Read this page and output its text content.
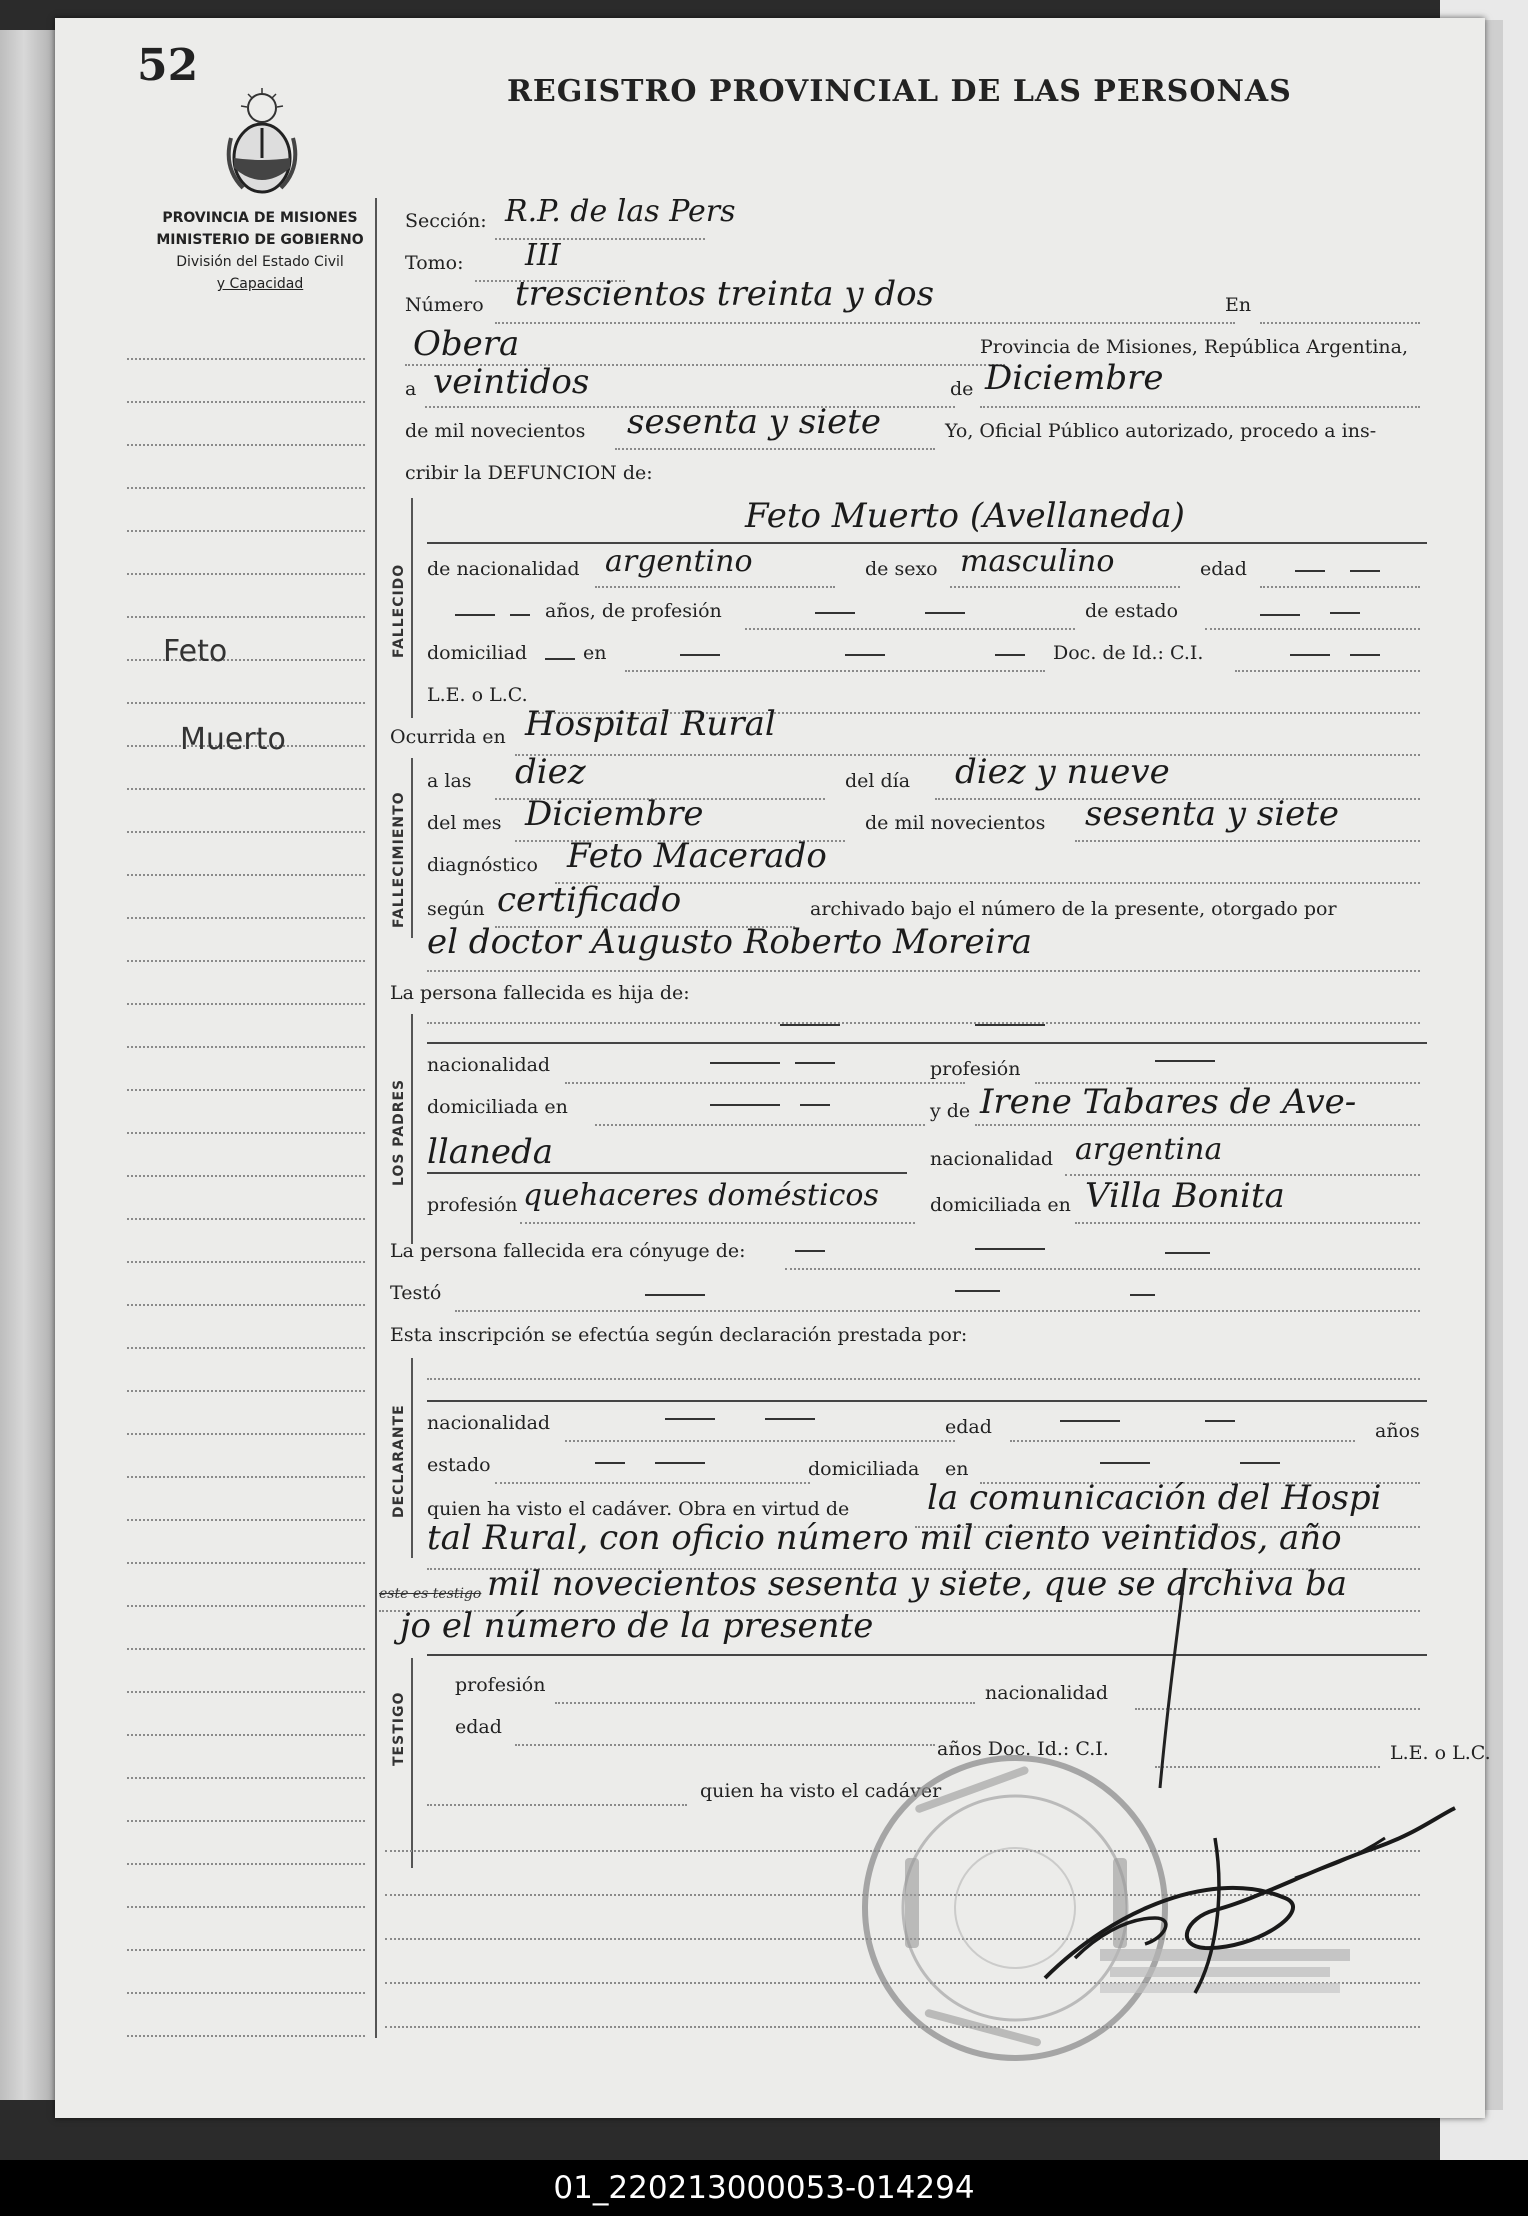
52
REGISTRO PROVINCIAL DE LAS PERSONAS
PROVINCIA DE MISIONES
MINISTERIO DE GOBIERNO
División del Estado Civil
y Capacidad
Feto
Muerto
Sección: R.P. de las Pers
Tomo: III
Número trescientos treinta y dos	En
Obera	Provincia de Misiones, República Argentina,
a veintidos	de Diciembre
de mil novecientos sesenta y siete	Yo, Oficial Público autorizado, procedo a ins-
cribir la DEFUNCION de:
FALLECIDO
Feto Muerto (Avellaneda)
de nacionalidad argentino	de sexo masculino	edad
años, de profesión	de estado
domiciliad	en	Doc. de Id.: C.I.
L.E. o L.C.
Ocurrida en Hospital Rural
FALLECIMIENTO
a las diez	del día diez y nueve
del mes Diciembre	de mil novecientos sesenta y siete
diagnóstico Feto Macerado
según certificado	archivado bajo el número de la presente, otorgado por
el doctor Augusto Roberto Moreira
La persona fallecida es hija de:
LOS PADRES
nacionalidad	profesión
domiciliada en	y de Irene Tabares de Ave-
llaneda	nacionalidad argentina
profesión quehaceres domésticos	domiciliada en Villa Bonita
La persona fallecida era cónyuge de:
Testó
Esta inscripción se efectúa según declaración prestada por:
DECLARANTE nacionalidad	edad	años
estado	domiciliada en
quien ha visto el cadáver. Obra en virtud de la comunicación del Hospi
tal Rural, con oficio número mil ciento veintidos, año
este es testigo mil novecientos sesenta y siete, que se archiva ba
jo el número de la presente
TESTIGO
profesión	nacionalidad
edad
años Doc. Id.: C.I.	L.E. o L.C.
quien ha visto el cadáver
01_220213000053-014294
